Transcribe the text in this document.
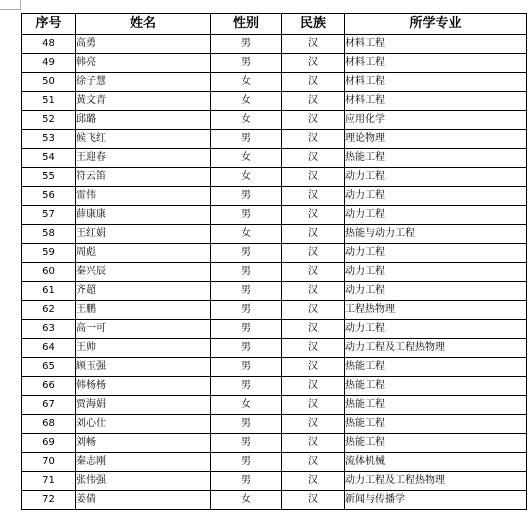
序号	姓名	性别	民族	所学专业
48	高勇	男	汉	材料工程
49	韩亮	男	汉	材料工程
50	徐子慧	女	汉	材料工程
51	黄文青	女	汉	材料工程
52	邱璐	女	汉	应用化学
53	候飞红	男	汉	理论物理
54	王迎春	女	汉	热能工程
55	符云笛	女	汉	动力工程
56	雷伟	男	汉	动力工程
57	薛康康	男	汉	动力工程
58	王红娟	女	汉	热能与动力工程
59	周彪	男	汉	动力工程
60	秦兴辰	男	汉	动力工程
61	齐超	男	汉	动力工程
62	王鹏	男	汉	工程热物理
63	高一可	男	汉	动力工程
64	王帅	男	汉	动力工程及工程热物理
65	顾玉强	男	汉	热能工程
66	韩杨杨	男	汉	热能工程
67	贾海娟	女	汉	热能工程
68	刘心仕	男	汉	热能工程
69	刘畅	男	汉	热能工程
70	秦志刚	男	汉	流体机械
71	张伟强	男	汉	动力工程及工程热物理
72	姜倩	女	汉	新闻与传播学
